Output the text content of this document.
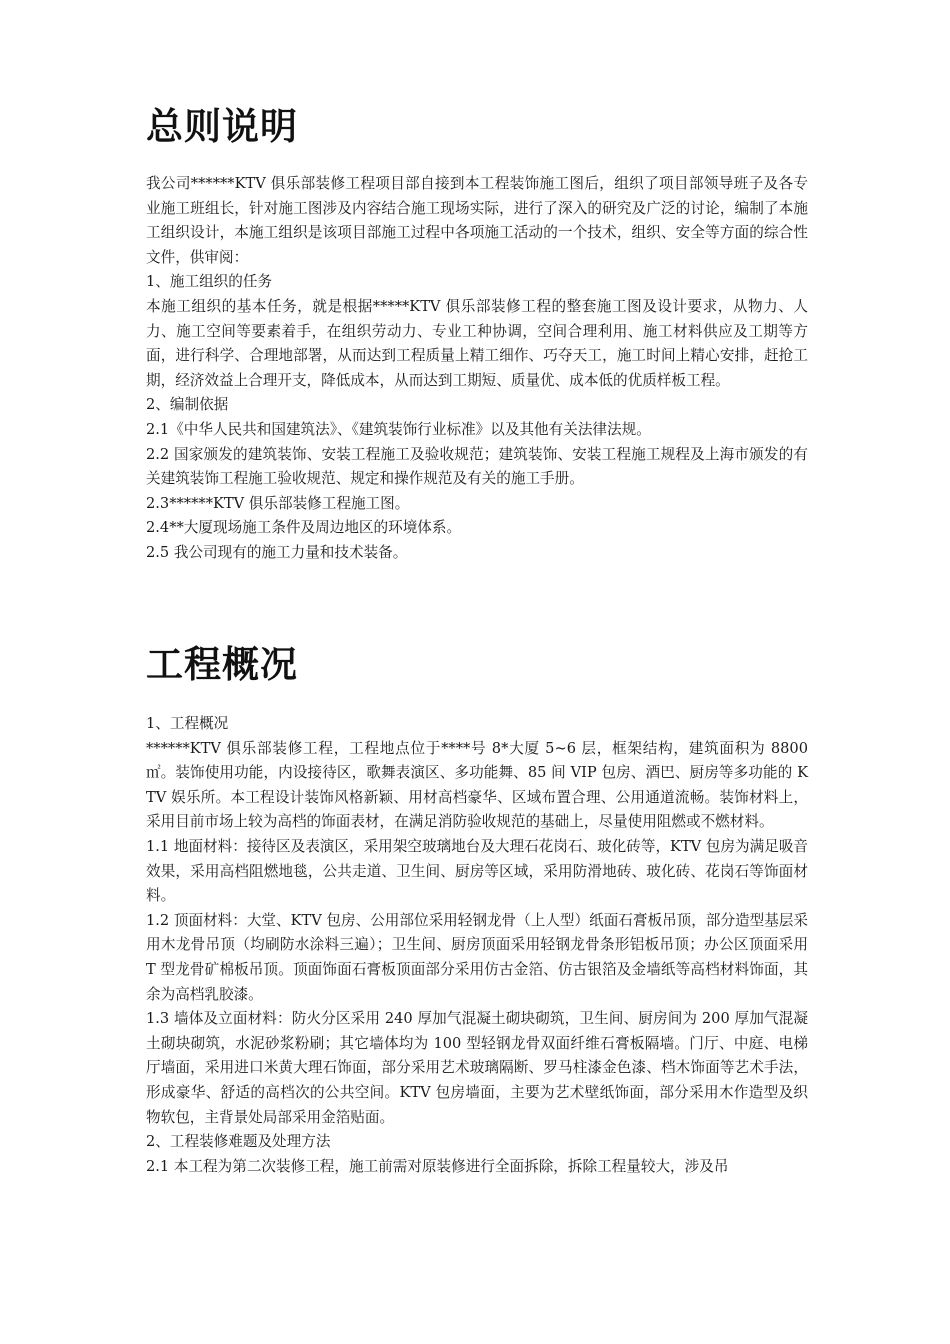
总则说明

我公司******KTV 俱乐部装修工程项目部自接到本工程装饰施工图后，组织了项目部领导班子及各专业施工班组长，针对施工图涉及内容结合施工现场实际，进行了深入的研究及广泛的讨论，编制了本施工组织设计，本施工组织是该项目部施工过程中各项施工活动的一个技术，组织、安全等方面的综合性文件，供审阅：

1、施工组织的任务

本施工组织的基本任务，就是根据*****KTV 俱乐部装修工程的整套施工图及设计要求，从物力、人力、施工空间等要素着手，在组织劳动力、专业工种协调，空间合理利用、施工材料供应及工期等方面，进行科学、合理地部署，从而达到工程质量上精工细作、巧夺天工，施工时间上精心安排，赶抢工期，经济效益上合理开支，降低成本，从而达到工期短、质量优、成本低的优质样板工程。

2、编制依据

2.1《中华人民共和国建筑法》、《建筑装饰行业标准》以及其他有关法律法规。

2.2 国家颁发的建筑装饰、安装工程施工及验收规范；建筑装饰、安装工程施工规程及上海市颁发的有关建筑装饰工程施工验收规范、规定和操作规范及有关的施工手册。

2.3******KTV 俱乐部装修工程施工图。

2.4**大厦现场施工条件及周边地区的环境体系。

2.5 我公司现有的施工力量和技术装备。

工程概况

1、工程概况

******KTV 俱乐部装修工程，工程地点位于****号 8*大厦 5~6 层，框架结构，建筑面积为 8800 ㎡。装饰使用功能，内设接待区，歌舞表演区、多功能舞、85 间 VIP 包房、酒巴、厨房等多功能的 KTV 娱乐所。本工程设计装饰风格新颖、用材高档豪华、区域布置合理、公用通道流畅。装饰材料上，采用目前市场上较为高档的饰面表材，在满足消防验收规范的基础上，尽量使用阻燃或不燃材料。

1.1 地面材料：接待区及表演区，采用架空玻璃地台及大理石花岗石、玻化砖等，KTV 包房为满足吸音效果，采用高档阻燃地毯，公共走道、卫生间、厨房等区域，采用防滑地砖、玻化砖、花岗石等饰面材料。

1.2 顶面材料：大堂、KTV 包房、公用部位采用轻钢龙骨（上人型）纸面石膏板吊顶，部分造型基层采用木龙骨吊顶（均刷防水涂料三遍）；卫生间、厨房顶面采用轻钢龙骨条形铝板吊顶；办公区顶面采用 T 型龙骨矿棉板吊顶。顶面饰面石膏板顶面部分采用仿古金箔、仿古银箔及金墙纸等高档材料饰面，其余为高档乳胶漆。

1.3 墙体及立面材料：防火分区采用 240 厚加气混凝土砌块砌筑，卫生间、厨房间为 200 厚加气混凝土砌块砌筑，水泥砂浆粉刷；其它墙体均为 100 型轻钢龙骨双面纤维石膏板隔墙。门厅、中庭、电梯厅墙面，采用进口米黄大理石饰面，部分采用艺术玻璃隔断、罗马柱漆金色漆、档木饰面等艺术手法，形成豪华、舒适的高档次的公共空间。KTV 包房墙面，主要为艺术壁纸饰面，部分采用木作造型及织物软包，主背景处局部采用金箔贴面。

2、工程装修难题及处理方法

2.1 本工程为第二次装修工程，施工前需对原装修进行全面拆除，拆除工程量较大，涉及吊
